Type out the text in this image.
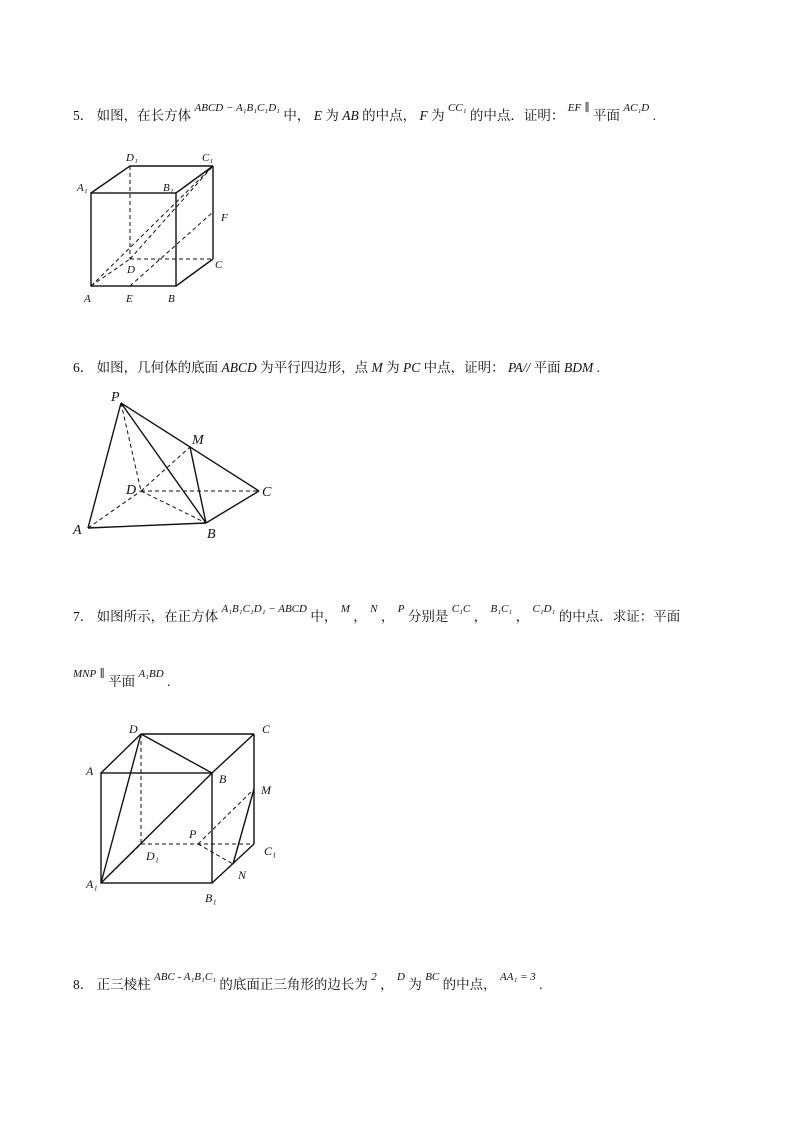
5． 如图，在长方体 ABCD − A₁B₁C₁D₁ 中， E 为 AB 的中点， F 为 CC₁ 的中点．证明： EF ∥ 平面 AC₁D .
6． 如图，几何体的底面 ABCD 为平行四边形，点 M 为 PC 中点，证明： PA// 平面 BDM .
7． 如图所示，在正方体 A₁B₁C₁D₁ − ABCD 中， M ， N ， P 分别是 C₁C ， B₁C₁ ， C₁D₁ 的中点．求证：平面
MNP ∥ 平面 A₁BD .
8． 正三棱柱 ABC - A₁B₁C₁ 的底面正三角形的边长为 2 ， D 为 BC 的中点， AA₁ = 3 .
D₁	C₁
A₁	B₁
F
D	C
A	E	B
P
M
D	C
A	B
D	C
A
B
M
P
D₁	C₁
A₁
N
B₁
